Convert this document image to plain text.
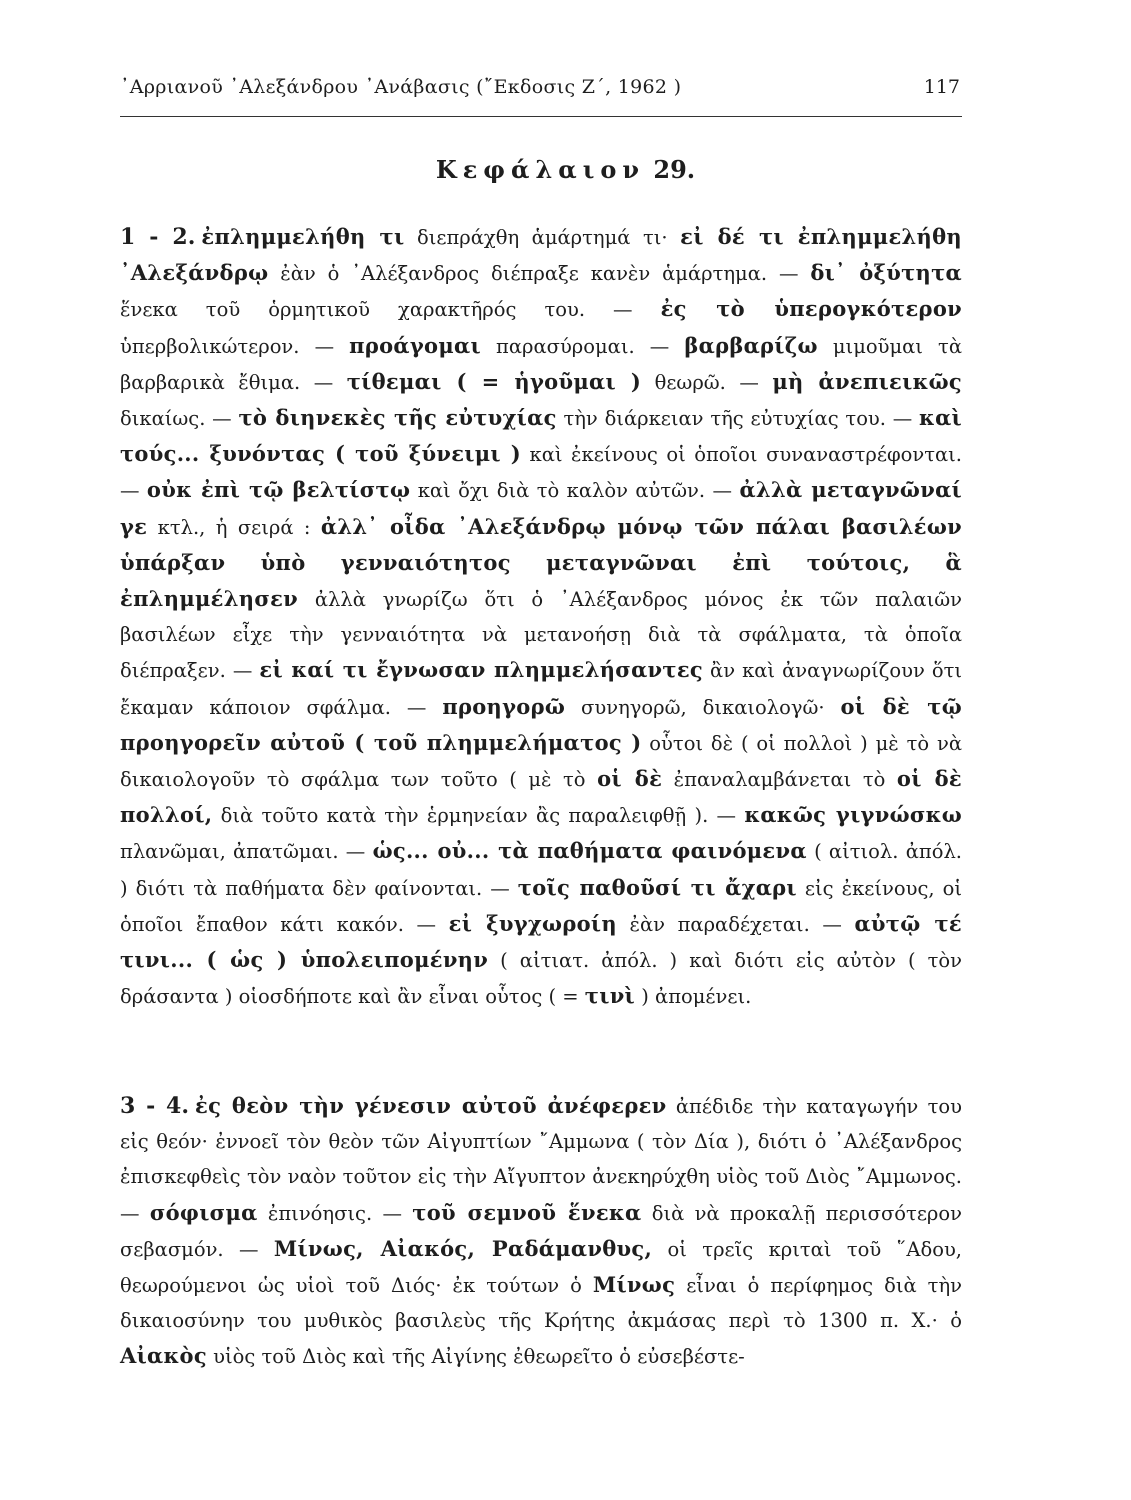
᾿Αρριανοῦ ᾿Αλεξάνδρου ᾿Ανάβασις (῎Εκδοσις Ζ΄, 1962 )	117
Κεφάλαιον 29.
1 - 2. ἐπλημμελήθη τι διεπράχθη ἁμάρτημά τι· εἰ δέ τι ἐπλημμελήθη ᾿Αλεξάνδρῳ ἐὰν ὁ ᾿Αλέξανδρος διέπραξε κανὲν ἁμάρτημα. — δι᾿ ὀξύτητα ἕνεκα τοῦ ὁρμητικοῦ χαρακτῆρός του. — ἐς τὸ ὑπερογκότερον ὑπερβολικώτερον. — προάγομαι παρασύρομαι. — βαρβαρίζω μιμοῦμαι τὰ βαρβαρικὰ ἔθιμα. — τίθεμαι ( = ἡγοῦμαι ) θεωρῶ. — μὴ ἀνεπιεικῶς δικαίως. — τὸ διηνεκὲς τῆς εὐτυχίας τὴν διάρκειαν τῆς εὐτυχίας του. — καὶ τούς... ξυνόντας ( τοῦ ξύνειμι ) καὶ ἐκείνους οἱ ὁποῖοι συναναστρέφονται. — οὐκ ἐπὶ τῷ βελτίστῳ καὶ ὄχι διὰ τὸ καλὸν αὐτῶν. — ἀλλὰ μεταγνῶναί γε κτλ., ἡ σειρά : ἀλλ᾿ οἶδα ᾿Αλεξάνδρῳ μόνῳ τῶν πάλαι βασιλέων ὑπάρξαν ὑπὸ γενναιότητος μεταγνῶναι ἐπὶ τούτοις, ἃ ἐπλημμέλησεν ἀλλὰ γνωρίζω ὅτι ὁ ᾿Αλέξανδρος μόνος ἐκ τῶν παλαιῶν βασιλέων εἶχε τὴν γενναιότητα νὰ μετανοήσῃ διὰ τὰ σφάλματα, τὰ ὁποῖα διέπραξεν. — εἰ καί τι ἔγνωσαν πλημμελήσαντες ἂν καὶ ἀναγνωρίζουν ὅτι ἔκαμαν κάποιον σφάλμα. — προηγορῶ συνηγορῶ, δικαιολογῶ· οἱ δὲ τῷ προηγορεῖν αὐτοῦ ( τοῦ πλημμελήματος ) οὗτοι δὲ ( οἱ πολλοὶ ) μὲ τὸ νὰ δικαιολογοῦν τὸ σφάλμα των τοῦτο ( μὲ τὸ οἱ δὲ ἐπαναλαμβάνεται τὸ οἱ δὲ πολλοί, διὰ τοῦτο κατὰ τὴν ἑρμηνείαν ἂς παραλειφθῇ ). — κακῶς γιγνώσκω πλανῶμαι, ἀπατῶμαι. — ὡς... οὐ... τὰ παθήματα φαινόμενα ( αἰτιολ. ἀπόλ. ) διότι τὰ παθήματα δὲν φαίνονται. — τοῖς παθοῦσί τι ἄχαρι εἰς ἐκείνους, οἱ ὁποῖοι ἔπαθον κάτι κακόν. — εἰ ξυγχωροίη ἐὰν παραδέχεται. — αὐτῷ τέ τινι... ( ὡς ) ὑπολειπομένην ( αἰτιατ. ἀπόλ. ) καὶ διότι εἰς αὐτὸν ( τὸν δράσαντα ) οἱοσδήποτε καὶ ἂν εἶναι οὗτος ( = τινὶ ) ἀπομένει.
3 - 4. ἐς θεὸν τὴν γένεσιν αὐτοῦ ἀνέφερεν ἀπέδιδε τὴν καταγωγήν του εἰς θεόν· ἐννοεῖ τὸν θεὸν τῶν Αἰγυπτίων ῎Αμμωνα ( τὸν Δία ), διότι ὁ ᾿Αλέξανδρος ἐπισκεφθεὶς τὸν ναὸν τοῦτον εἰς τὴν Αἴγυπτον ἀνεκηρύχθη υἱὸς τοῦ Διὸς ῎Αμμωνος. — σόφισμα ἐπινόησις. — τοῦ σεμνοῦ ἕνεκα διὰ νὰ προκαλῇ περισσότερον σεβασμόν. — Μίνως, Αἰακός, Ραδάμανθυς, οἱ τρεῖς κριταὶ τοῦ ῞Αδου, θεωρούμενοι ὡς υἱοὶ τοῦ Διός· ἐκ τούτων ὁ Μίνως εἶναι ὁ περίφημος διὰ τὴν δικαιοσύνην του μυθικὸς βασιλεὺς τῆς Κρήτης ἀκμάσας περὶ τὸ 1300 π. Χ.· ὁ Αἰακὸς υἱὸς τοῦ Διὸς καὶ τῆς Αἰγίνης ἐθεωρεῖτο ὁ εὐσεβέστε-
